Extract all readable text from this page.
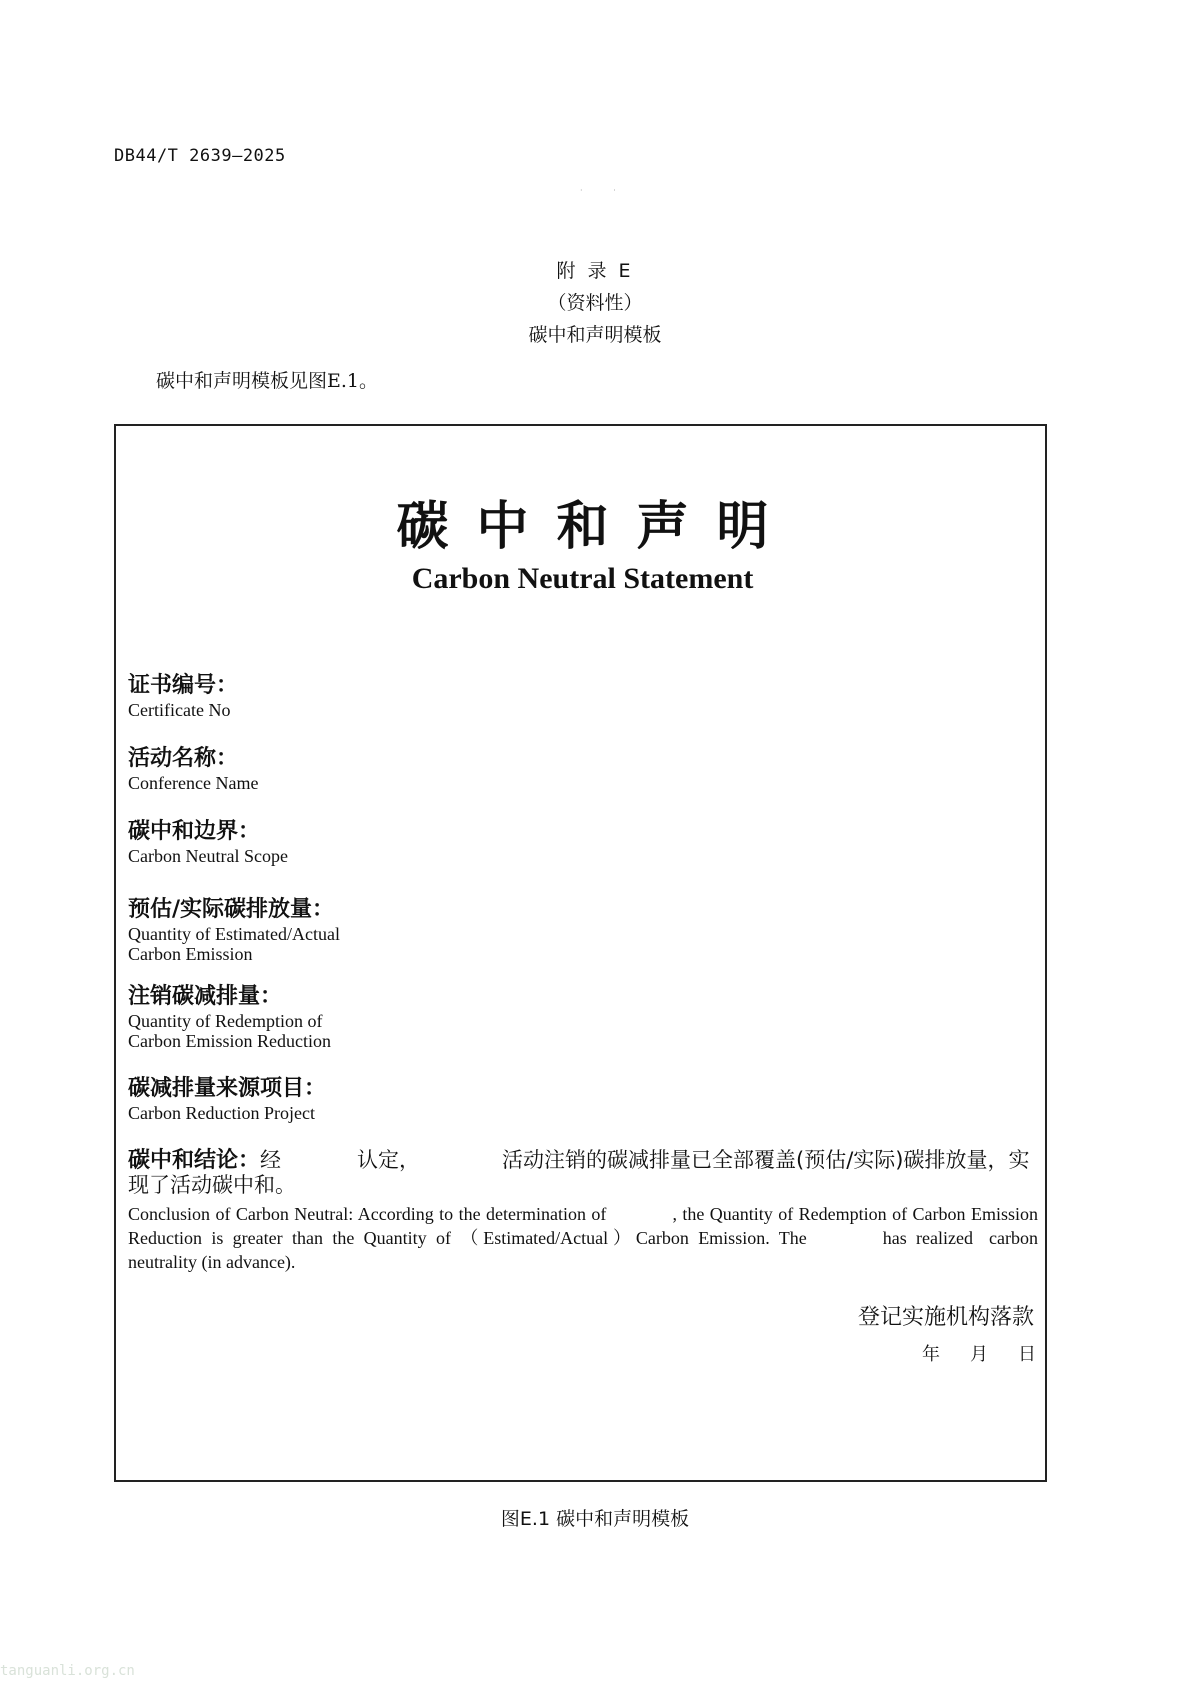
DB44/T 2639—2025
· ·
附 录 E
（资料性）
碳中和声明模板
碳中和声明模板见图E.1。
碳中和声明
Carbon Neutral Statement
证书编号：
Certificate No
活动名称：
Conference Name
碳中和边界：
Carbon Neutral Scope
预估/实际碳排放量：
Quantity of Estimated/Actual
Carbon Emission
注销碳减排量：
Quantity of Redemption of
Carbon Emission Reduction
碳减排量来源项目：
Carbon Reduction Project
碳中和结论：经	认定，	活动注销的碳减排量已全部覆盖(预估/实际)碳排放量，实现了活动碳中和。
Conclusion of Carbon Neutral: According to the determination of	, the Quantity of Redemption of Carbon Emission Reduction is greater than the Quantity of （Estimated/Actual）Carbon Emission. The	has realized carbon neutrality (in advance).
登记实施机构落款
年 月 日
图E.1 碳中和声明模板
tanguanli.org.cn
